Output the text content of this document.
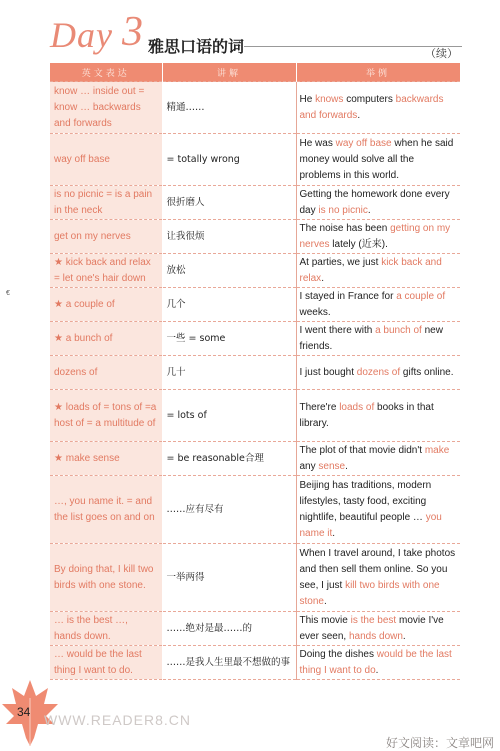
Day 3 雅思口语的词	（续）
€
英文表达	讲解	举例
know … inside out = know … backwards and forwards	精通……	He knows computers backwards and forwards.
way off base	= totally wrong	He was way off base when he said money would solve all the problems in this world.
is no picnic = is a pain in the neck	很折磨人	Getting the homework done every day is no picnic.
get on my nerves	让我很烦	The noise has been getting on my nerves lately (近来).
★ kick back and relax = let one's hair down	放松	At parties, we just kick back and relax.
★ a couple of	几个	I stayed in France for a couple of weeks.
★ a bunch of	一些 = some	I went there with a bunch of new friends.
dozens of	几十	I just bought dozens of gifts online.
★ loads of = tons of =a host of = a multitude of	= lots of	There're loads of books in that library.
★ make sense	= be reasonable合理	The plot of that movie didn't make any sense.
…, you name it. = and the list goes on and on	……应有尽有	Beijing has traditions, modern lifestyles, tasty food, exciting nightlife, beautiful people … you name it.
By doing that, I kill two birds with one stone.	一举两得	When I travel around, I take photos and then sell them online. So you see, I just kill two birds with one stone.
… is the best …, hands down.	……绝对是最……的	This movie is the best movie I've ever seen, hands down.
… would be the last thing I want to do.	……是我人生里最不想做的事	Doing the dishes would be the last thing I want to do.
34 WWW.READER8.CN
好文阅读：文章吧网
